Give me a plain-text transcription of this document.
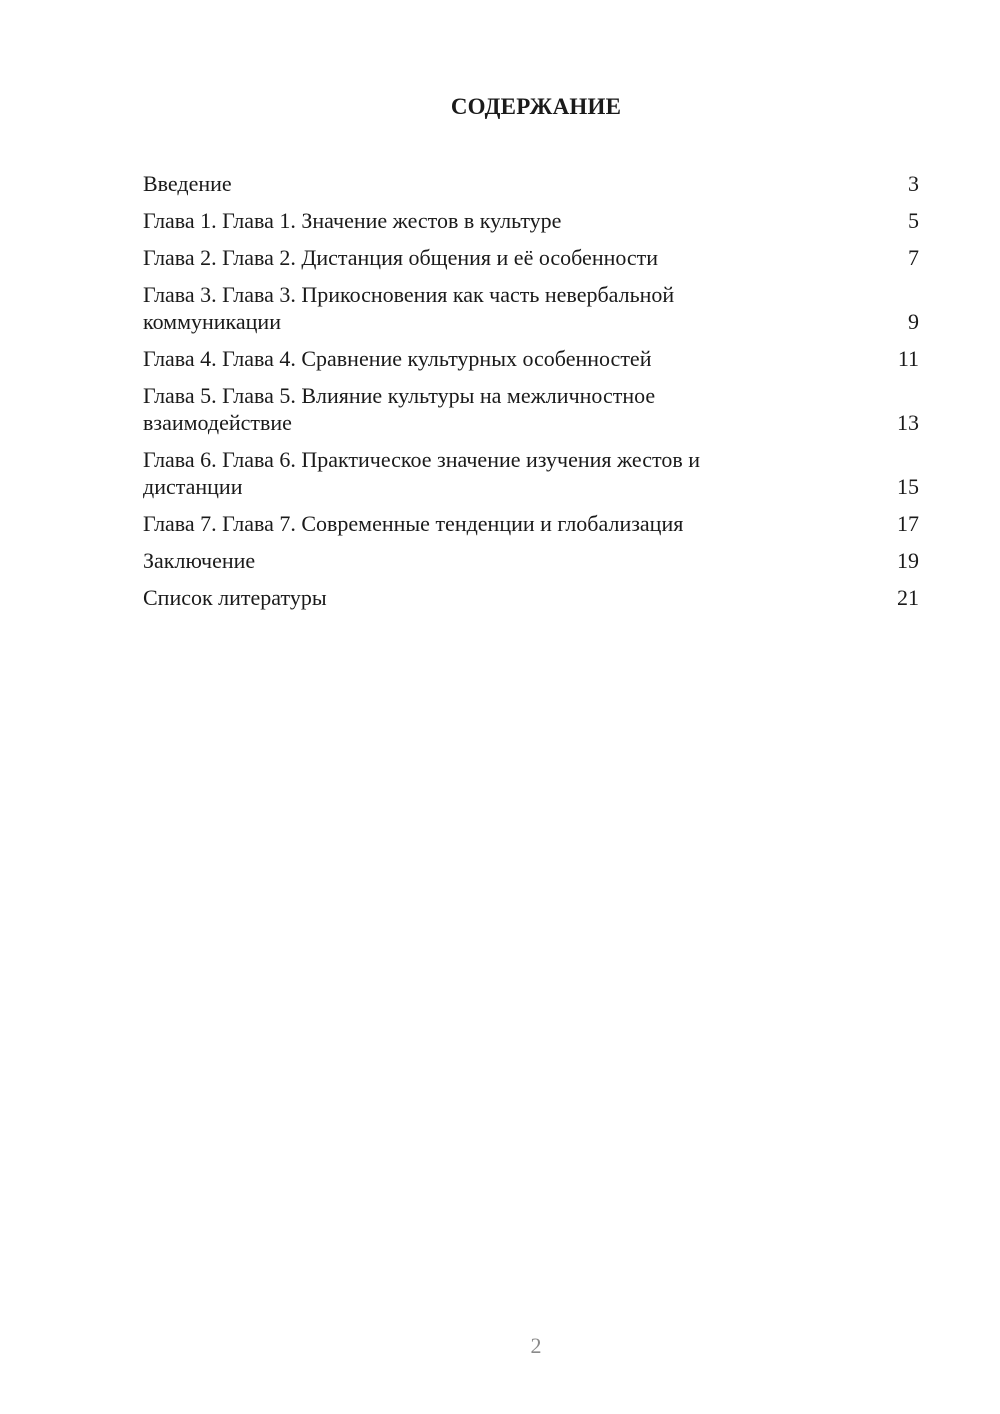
СОДЕРЖАНИЕ
Введение	3
Глава 1. Глава 1. Значение жестов в культуре	5
Глава 2. Глава 2. Дистанция общения и её особенности	7
Глава 3. Глава 3. Прикосновения как часть невербальной коммуникации	9
Глава 4. Глава 4. Сравнение культурных особенностей	11
Глава 5. Глава 5. Влияние культуры на межличностное взаимодействие	13
Глава 6. Глава 6. Практическое значение изучения жестов и дистанции	15
Глава 7. Глава 7. Современные тенденции и глобализация	17
Заключение	19
Список литературы	21
2
